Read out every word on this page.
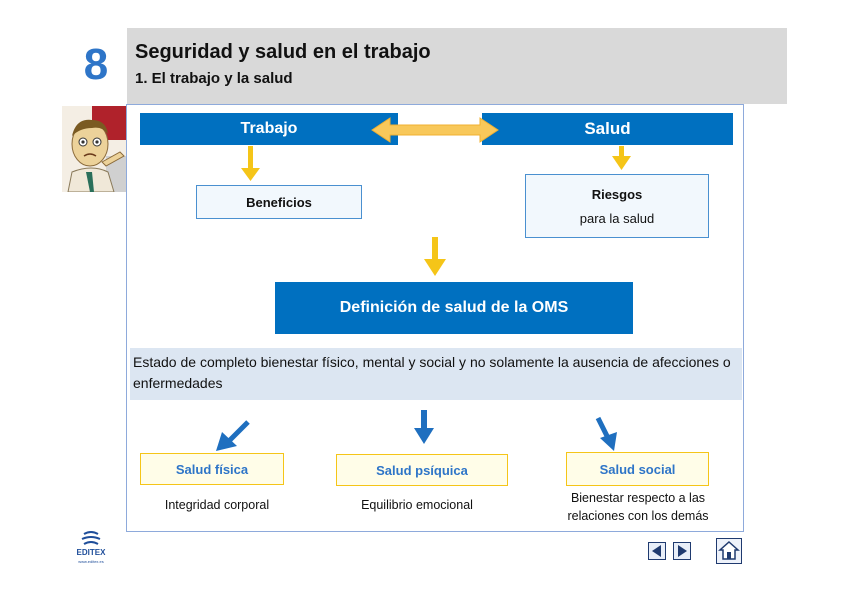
8	Seguridad y salud en el trabajo
1. El trabajo y la salud
Trabajo	Salud
Beneficios
Riesgos
para la salud
Definición de salud de la OMS
Estado de completo bienestar físico, mental y social y no solamente la ausencia de afecciones o enfermedades
Salud física	Salud psíquica	Salud social
Integridad corporal	Equilibrio emocional	Bienestar respecto a las relaciones con los demás
EDITEX
www.editex.es
